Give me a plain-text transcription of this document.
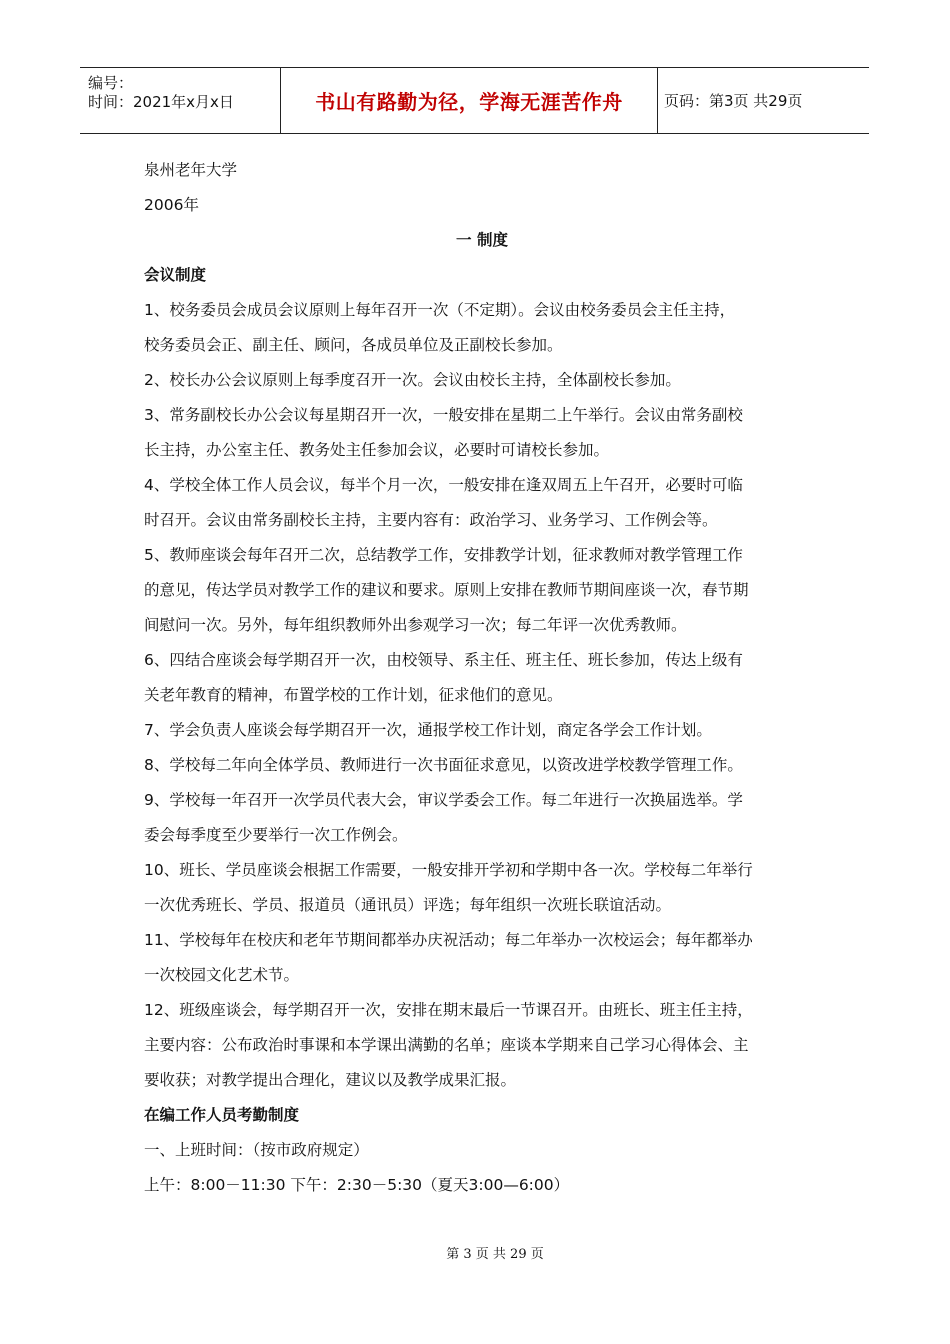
编号：
时间：2021年x月x日	书山有路勤为径，学海无涯苦作舟	页码：第3页 共29页
泉州老年大学
2006年
一 制度
会议制度
1、校务委员会成员会议原则上每年召开一次（不定期）。会议由校务委员会主任主持，
校务委员会正、副主任、顾问，各成员单位及正副校长参加。
2、校长办公会议原则上每季度召开一次。会议由校长主持，全体副校长参加。
3、常务副校长办公会议每星期召开一次，一般安排在星期二上午举行。会议由常务副校
长主持，办公室主任、教务处主任参加会议，必要时可请校长参加。
4、学校全体工作人员会议，每半个月一次，一般安排在逢双周五上午召开，必要时可临
时召开。会议由常务副校长主持，主要内容有：政治学习、业务学习、工作例会等。
5、教师座谈会每年召开二次，总结教学工作，安排教学计划，征求教师对教学管理工作
的意见，传达学员对教学工作的建议和要求。原则上安排在教师节期间座谈一次，春节期
间慰问一次。另外，每年组织教师外出参观学习一次；每二年评一次优秀教师。
6、四结合座谈会每学期召开一次，由校领导、系主任、班主任、班长参加，传达上级有
关老年教育的精神，布置学校的工作计划，征求他们的意见。
7、学会负责人座谈会每学期召开一次，通报学校工作计划，商定各学会工作计划。
8、学校每二年向全体学员、教师进行一次书面征求意见，以资改进学校教学管理工作。
9、学校每一年召开一次学员代表大会，审议学委会工作。每二年进行一次换届选举。学
委会每季度至少要举行一次工作例会。
10、班长、学员座谈会根据工作需要，一般安排开学初和学期中各一次。学校每二年举行
一次优秀班长、学员、报道员（通讯员）评选；每年组织一次班长联谊活动。
11、学校每年在校庆和老年节期间都举办庆祝活动；每二年举办一次校运会；每年都举办
一次校园文化艺术节。
12、班级座谈会，每学期召开一次，安排在期末最后一节课召开。由班长、班主任主持，
主要内容：公布政治时事课和本学课出满勤的名单；座谈本学期来自己学习心得体会、主
要收获；对教学提出合理化，建议以及教学成果汇报。
在编工作人员考勤制度
一、上班时间：（按市政府规定）
上午：8:00－11:30 下午：2:30－5:30（夏天3:00—6:00）
第 3 页 共 29 页
